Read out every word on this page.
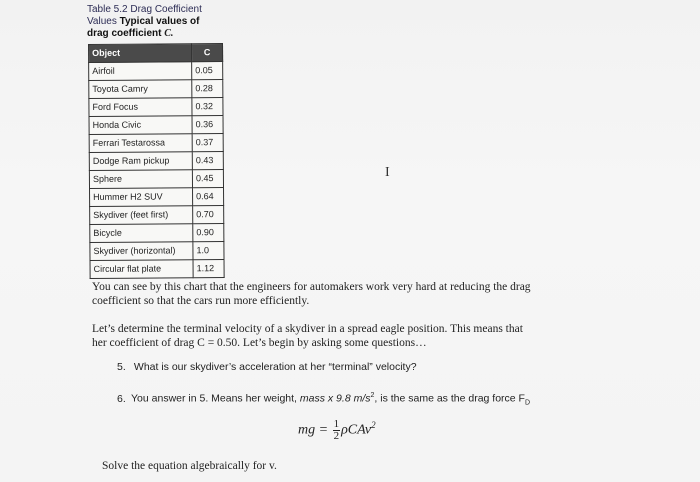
Table 5.2 Drag Coefficient
Values Typical values of
drag coefficient C.
Object	C
Airfoil	0.05
Toyota Camry	0.28
Ford Focus	0.32
Honda Civic	0.36
Ferrari Testarossa	0.37
Dodge Ram pickup	0.43
Sphere	0.45
Hummer H2 SUV	0.64
Skydiver (feet first)	0.70
Bicycle	0.90
Skydiver (horizontal)	1.0
Circular flat plate	1.12
I
You can see by this chart that the engineers for automakers work very hard at reducing the drag
coefficient so that the cars run more efficiently.
Let’s determine the terminal velocity of a skydiver in a spread eagle position. This means that
her coefficient of drag C = 0.50. Let’s begin by asking some questions…
5. What is our skydiver’s acceleration at her “terminal” velocity?
6. You answer in 5. Means her weight, mass x 9.8 $m/s^2$, is the same as the drag force $F_D$
mg = $\frac{1}{2} \rho CAv^2$
Solve the equation algebraically for v.
